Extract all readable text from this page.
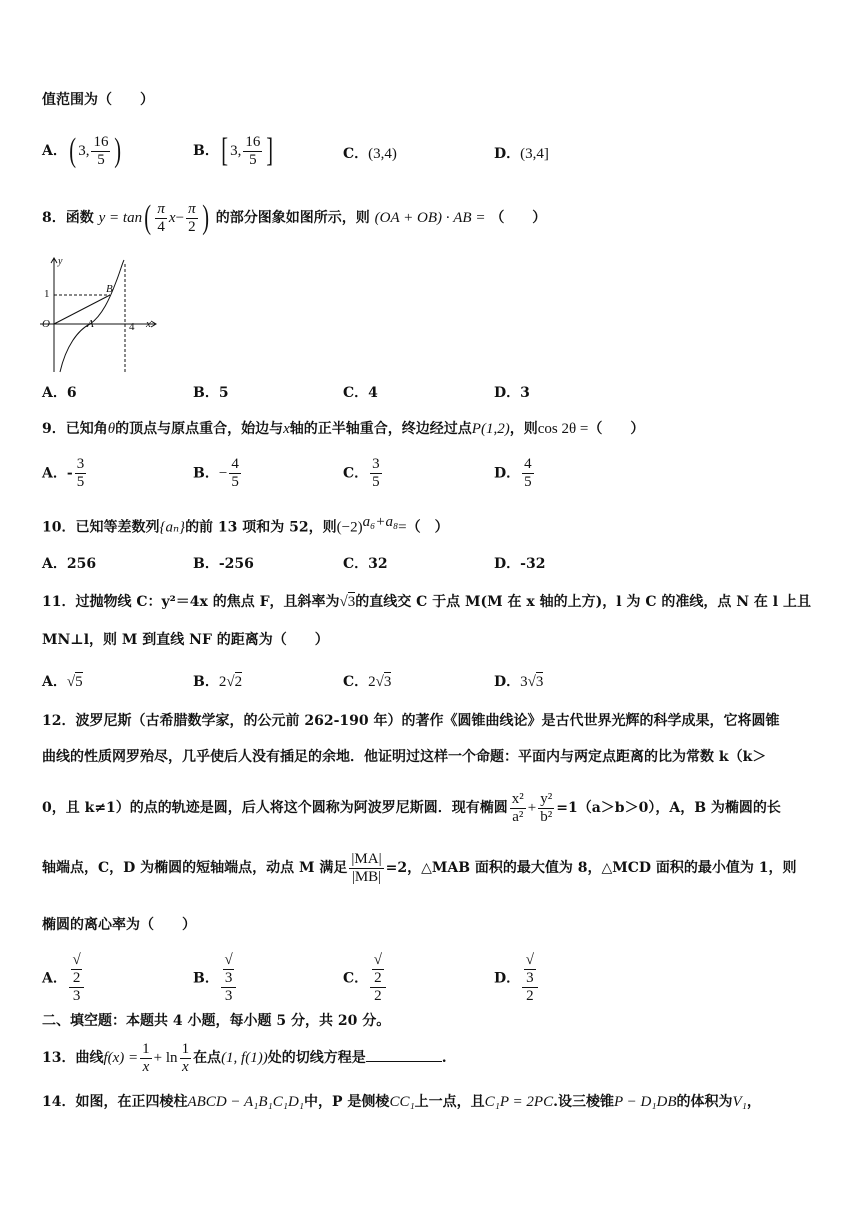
值范围为（　　）
A．( 3, $\frac{16}{5}$ )	B．[ 3, $\frac{16}{5}$ ]	C．(3,4)	D．(3,4]
8．函数 $y = \tan( \frac{\pi}{4} x- \frac{\pi}{2}$ ) 的部分图象如图所示，则 (OA + OB) · AB = （　　）
y
1
O	A
B
4 x
A．6	B．5	C．4	D．3
9．已知角θ的顶点与原点重合，始边与x轴的正半轴重合，终边经过点P(1,2)，则cos 2θ =（　　）
A．- $\frac{3}{5}$	B．− $\frac{4}{5}$	C． $\frac{3}{5}$	D． $\frac{4}{5}$
10．已知等差数列{aₙ}的前 13 项和为 52，则$(-2)^{a_6+a_8}=$（　）
A．256	B．-256	C．32	D．-32
11．过抛物线 C：y²＝4x 的焦点 F，且斜率为√3的直线交 C 于点 M(M 在 x 轴的上方)，l 为 C 的准线，点 N 在 l 上且
MN⊥l，则 M 到直线 NF 的距离为（　　）
A．√5	B．2√2	C．2√3	D．3√3
12．波罗尼斯（古希腊数学家，的公元前 262-190 年）的著作《圆锥曲线论》是古代世界光辉的科学成果，它将圆锥
曲线的性质网罗殆尽，几乎使后人没有插足的余地．他证明过这样一个命题：平面内与两定点距离的比为常数 k（k＞
0，且 k≠1）的点的轨迹是圆，后人将这个圆称为阿波罗尼斯圆．现有椭圆 $\frac{\text{x²}}{\text{a²}} + \frac{\text{y²}}{\text{b²}} =1(a>b>0)$，A，B 为椭圆的长
轴端点，C，D 为椭圆的短轴端点，动点 M 满足 $\frac{|MA|}{|MB|} =2$，△MAB 面积的最大值为 8，△MCD 面积的最小值为 1，则
椭圆的离心率为（　　）
A． √
2
3	B． √
3
3	C． √
2
2	D． √
3
2
二、填空题：本题共 4 小题，每小题 5 分，共 20 分。
13．曲线$f(x) = \frac{1}{x} + \ln \frac{1}{x}$ 在点(1, f(1))处的切线方程是	.
14．如图，在正四棱柱ABCD − A₁B₁C₁D₁中，P 是侧棱CC₁上一点，且C₁P = 2PC.设三棱锥P − D₁DB的体积为V₁，
